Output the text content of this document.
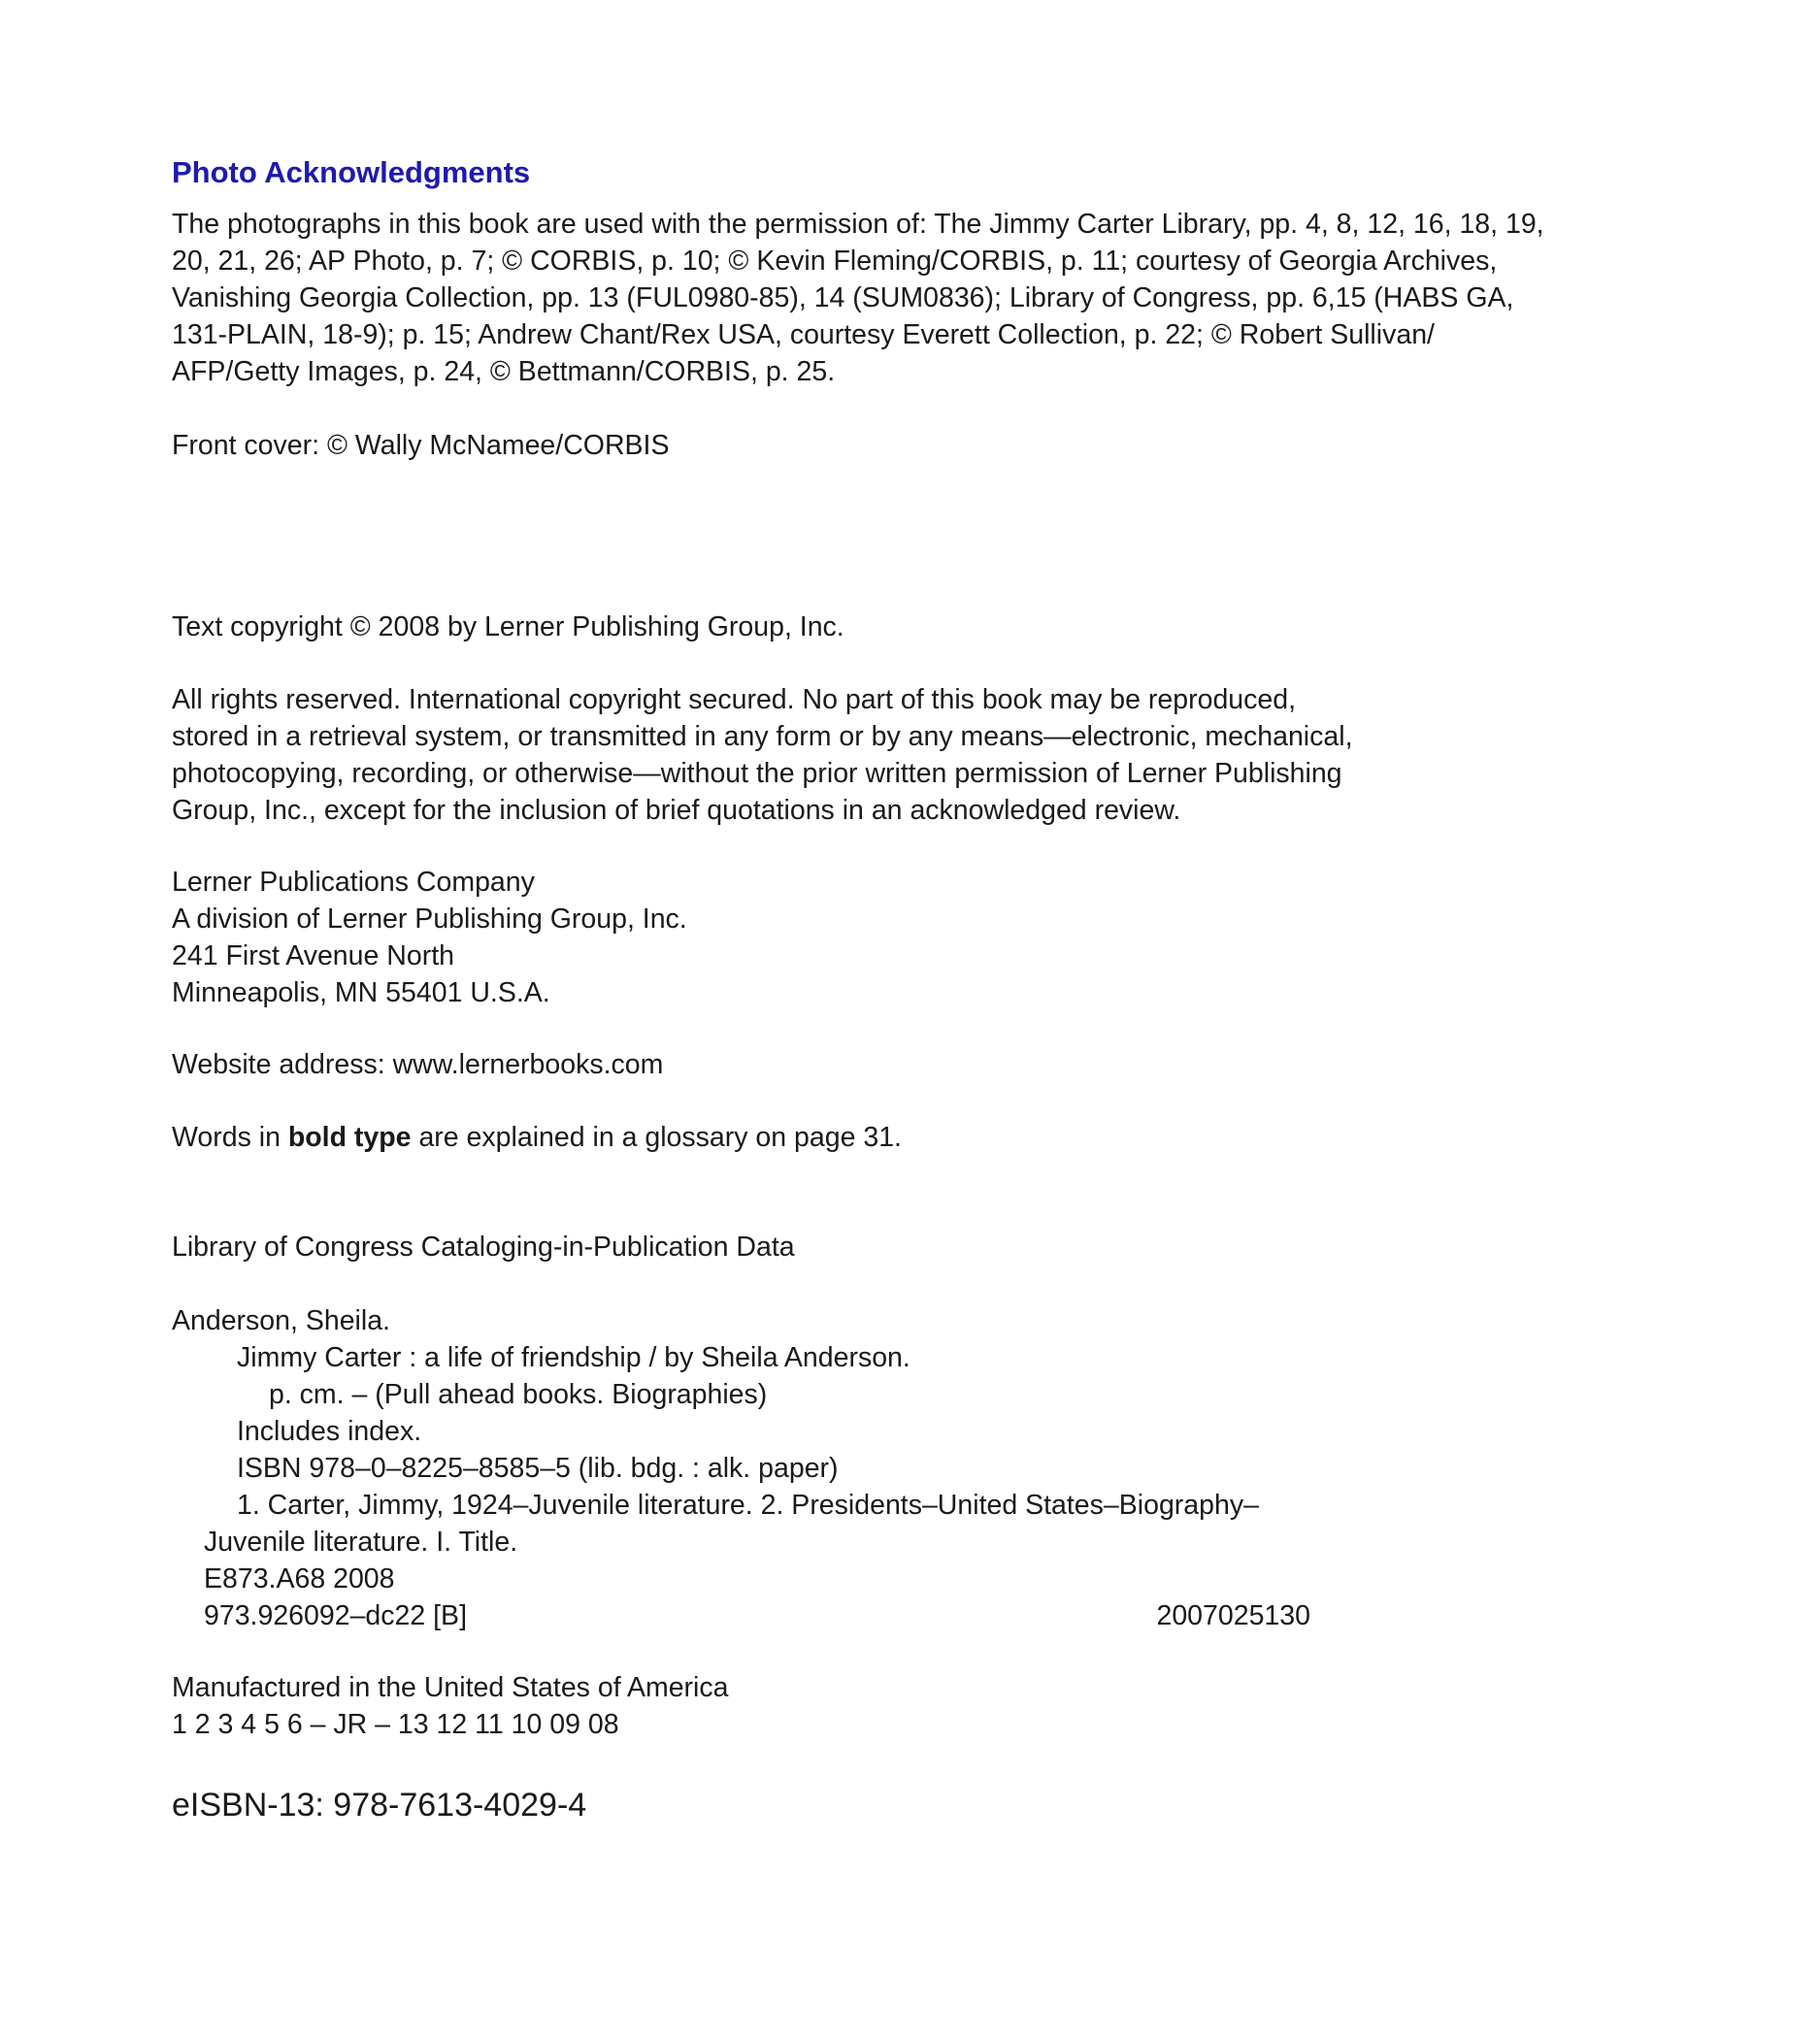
Photo Acknowledgments
The photographs in this book are used with the permission of: The Jimmy Carter Library, pp. 4, 8, 12, 16, 18, 19,
20, 21, 26; AP Photo, p. 7; © CORBIS, p. 10; © Kevin Fleming/CORBIS, p. 11; courtesy of Georgia Archives,
Vanishing Georgia Collection, pp. 13 (FUL0980-85), 14 (SUM0836); Library of Congress, pp. 6,15 (HABS GA,
131-PLAIN, 18-9); p. 15; Andrew Chant/Rex USA, courtesy Everett Collection, p. 22; © Robert Sullivan/
AFP/Getty Images, p. 24, © Bettmann/CORBIS, p. 25.
Front cover: © Wally McNamee/CORBIS
Text copyright © 2008 by Lerner Publishing Group, Inc.
All rights reserved. International copyright secured. No part of this book may be reproduced,
stored in a retrieval system, or transmitted in any form or by any means—electronic, mechanical,
photocopying, recording, or otherwise—without the prior written permission of Lerner Publishing
Group, Inc., except for the inclusion of brief quotations in an acknowledged review.
Lerner Publications Company
A division of Lerner Publishing Group, Inc.
241 First Avenue North
Minneapolis, MN 55401 U.S.A.
Website address: www.lernerbooks.com
Words in bold type are explained in a glossary on page 31.
Library of Congress Cataloging-in-Publication Data
Anderson, Sheila.
Jimmy Carter : a life of friendship / by Sheila Anderson.
p. cm. – (Pull ahead books. Biographies)
Includes index.
ISBN 978–0–8225–8585–5 (lib. bdg. : alk. paper)
1. Carter, Jimmy, 1924–Juvenile literature. 2. Presidents–United States–Biography–
Juvenile literature. I. Title.
E873.A68 2008
973.926092–dc22 [B]	2007025130
Manufactured in the United States of America
1 2 3 4 5 6 – JR – 13 12 11 10 09 08
eISBN-13: 978-7613-4029-4
